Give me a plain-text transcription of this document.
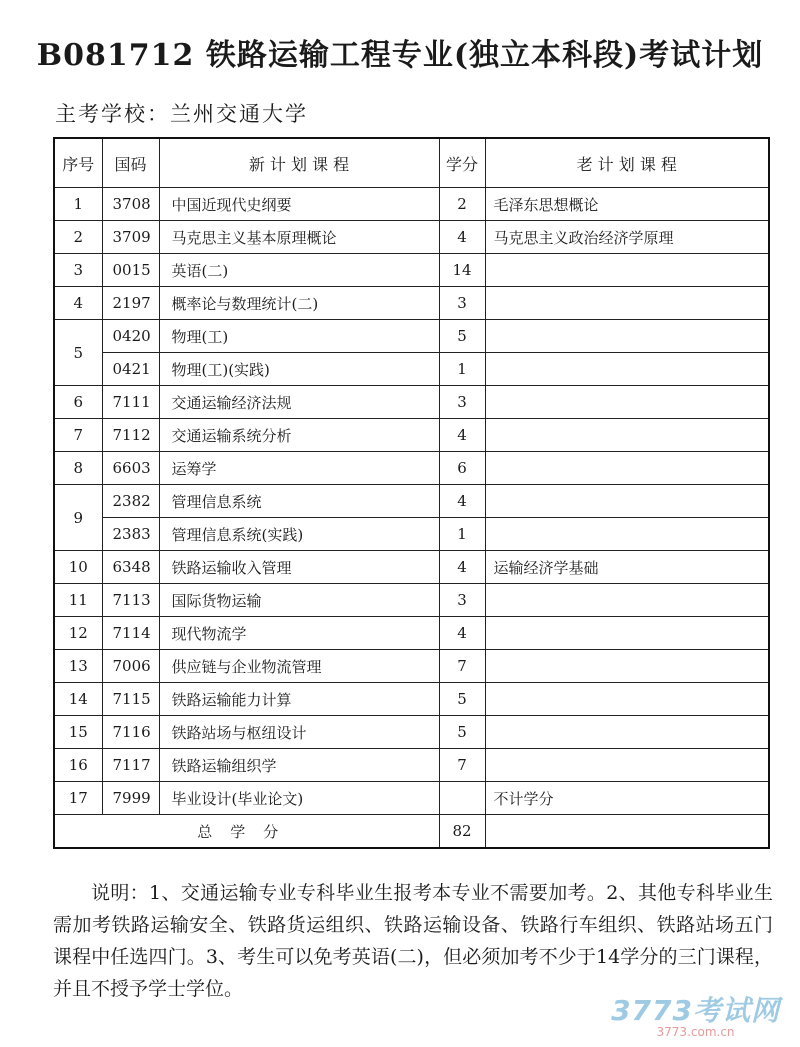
B081712 铁路运输工程专业(独立本科段)考试计划
主考学校：兰州交通大学
序号	国码	新 计 划 课 程	学分	老 计 划 课 程
1	3708	中国近现代史纲要	2	毛泽东思想概论
2	3709	马克思主义基本原理概论	4	马克思主义政治经济学原理
3	0015	英语(二)	14	
4	2197	概率论与数理统计(二)	3	
5	0420	物理(工)	5	
	0421	物理(工)(实践)	1	
6	7111	交通运输经济法规	3	
7	7112	交通运输系统分析	4	
8	6603	运筹学	6	
9	2382	管理信息系统	4	
	2383	管理信息系统(实践)	1	
10	6348	铁路运输收入管理	4	运输经济学基础
11	7113	国际货物运输	3	
12	7114	现代物流学	4	
13	7006	供应链与企业物流管理	7	
14	7115	铁路运输能力计算	5	
15	7116	铁路站场与枢纽设计	5	
16	7117	铁路运输组织学	7	
17	7999	毕业设计(毕业论文)		不计学分
总学分			82	

说明：1、交通运输专业专科毕业生报考本专业不需要加考。2、其他专科毕业生需加考铁路运输安全、铁路货运组织、铁路运输设备、铁路行车组织、铁路站场五门课程中任选四门。3、考生可以免考英语(二)，但必须加考不少于14学分的三门课程，并且不授予学士学位。

3773考试网
3773.com.cn
